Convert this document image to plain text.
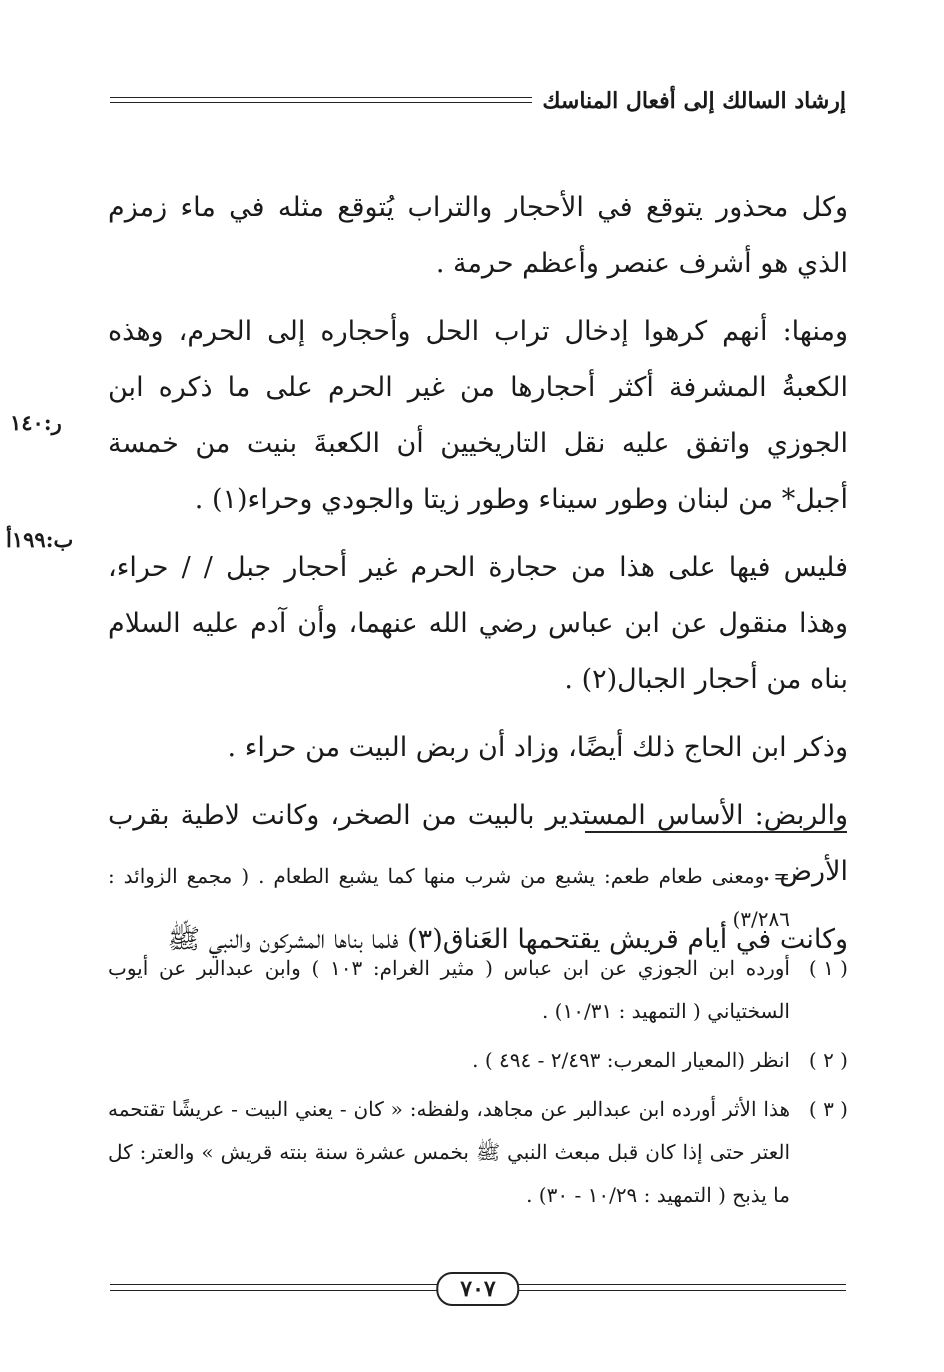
إرشاد السالك إلى أفعال المناسك

وكل محذور يتوقع في الأحجار والتراب يُتوقع مثله في ماء زمزم الذي هو أشرف عنصر وأعظم حرمة .

ومنها: أنهم كرهوا إدخال تراب الحل وأحجاره إلى الحرم، وهذه الكعبةُ المشرفة أكثر أحجارها من غير الحرم على ما ذكره ابن الجوزي واتفق عليه نقل التاريخيين أن الكعبةَ بنيت من خمسة أجبل* من لبنان وطور سيناء وطور زيتا والجودي وحراء(١) .

فليس فيها على هذا من حجارة الحرم غير أحجار جبل / / حراء، وهذا منقول عن ابن عباس رضي الله عنهما، وأن آدم عليه السلام بناه من أحجار الجبال(٢) .

وذكر ابن الحاج ذلك أيضًا، وزاد أن ربض البيت من حراء .

والربض: الأساس المستدير بالبيت من الصخر، وكانت لاطية بقرب الأرض .

وكانت في أيام قريش يقتحمها العَناق(٣) فلما بناها المشركون والنبي ﷺ

ر:١٤٠
ب:١٩٩أ
= ومعنى طعام طعم: يشبع من شرب منها كما يشبع الطعام . ( مجمع الزوائد : ٣/٢٨٦) .
( ١ )
أورده ابن الجوزي عن ابن عباس ( مثير الغرام: ١٠٣ ) وابن عبدالبر عن أيوب السختياني ( التمهيد : ١٠/٣١) .
( ٢ )
انظر (المعيار المعرب: ٢/٤٩٣ - ٤٩٤ ) .
( ٣ )
هذا الأثر أورده ابن عبدالبر عن مجاهد، ولفظه: « كان - يعني البيت - عريشًا تقتحمه العتر حتى إذا كان قبل مبعث النبي ﷺ بخمس عشرة سنة بنته قريش » والعتر: كل ما يذبح ( التمهيد : ١٠/٢٩ - ٣٠) .
٧٠٧
